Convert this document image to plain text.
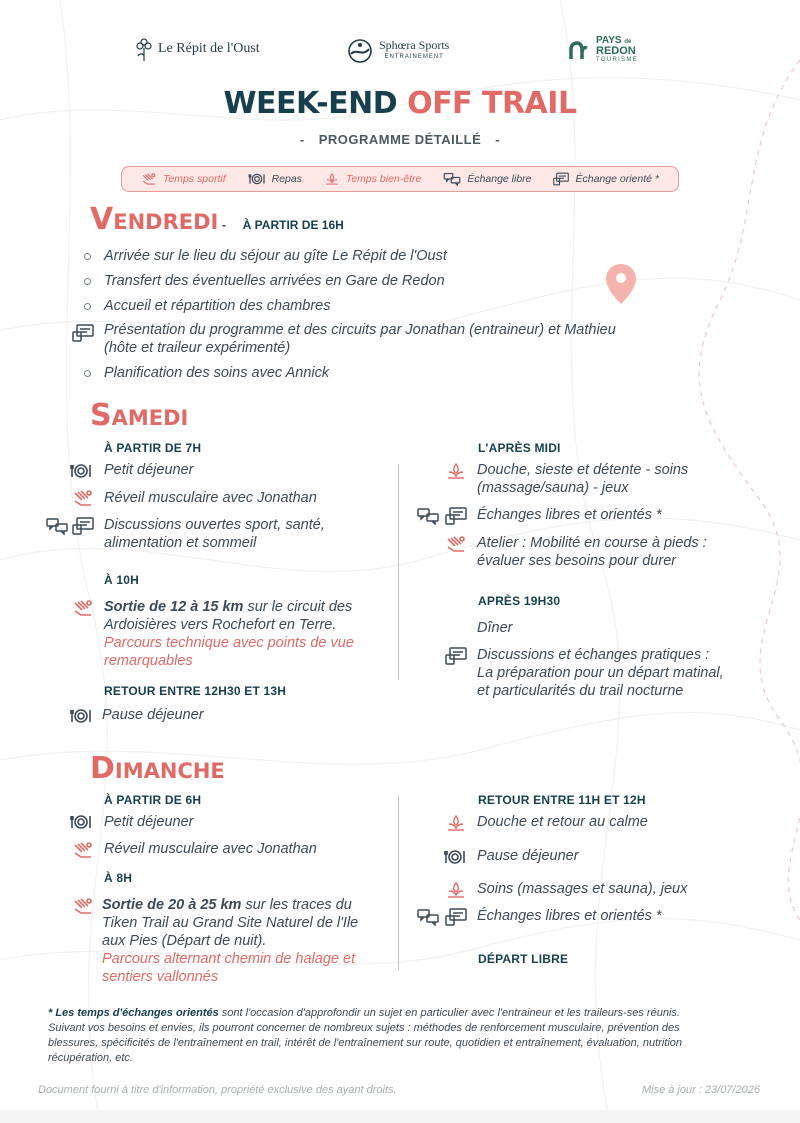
Le Répit de l'Oust	Sphœra Sports
ENTRAINEMENT
PAYS de
REDON
TOURISME
WEEK-END OFF TRAIL
- PROGRAMME DÉTAILLÉ -
Temps sportif	Repas	Temps bien-être	Échange libre	Échange orienté *
VENDREDI - À PARTIR DE 16H
Arrivée sur le lieu du séjour au gîte Le Répit de l'Oust
Transfert des éventuelles arrivées en Gare de Redon
Accueil et répartition des chambres
Présentation du programme et des circuits par Jonathan (entraineur) et Mathieu
(hôte et traileur expérimenté)
Planification des soins avec Annick
SAMEDI
À PARTIR DE 7H
Petit déjeuner
Réveil musculaire avec Jonathan
Discussions ouvertes sport, santé,
alimentation et sommeil
À 10H
Sortie de 12 à 15 km sur le circuit des
Ardoisières vers Rochefort en Terre.
Parcours technique avec points de vue
remarquables
RETOUR ENTRE 12H30 ET 13H
Pause déjeuner
L'APRÈS MIDI
Douche, sieste et détente - soins
(massage/sauna) - jeux
Échanges libres et orientés *
Atelier : Mobilité en course à pieds :
évaluer ses besoins pour durer
APRÈS 19H30
Dîner
Discussions et échanges pratiques :
La préparation pour un départ matinal,
et particularités du trail nocturne
DIMANCHE
À PARTIR DE 6H
Petit déjeuner
Réveil musculaire avec Jonathan
À 8H
Sortie de 20 à 25 km sur les traces du
Tiken Trail au Grand Site Naturel de l'Ile
aux Pies (Départ de nuit).
Parcours alternant chemin de halage et
sentiers vallonnés
RETOUR ENTRE 11H ET 12H
Douche et retour au calme
Pause déjeuner
Soins (massages et sauna), jeux
Échanges libres et orientés *
DÉPART LIBRE
* Les temps d'échanges orientés sont l'occasion d'approfondir un sujet en particulier avec l'entraineur et les traileurs-ses réunis.
Suivant vos besoins et envies, ils pourront concerner de nombreux sujets : méthodes de renforcement musculaire, prévention des
blessures, spécificités de l'entraînement en trail, intérêt de l'entraînement sur route, quotidien et entraînement, évaluation, nutrition
récupération, etc.
Document fourni à titre d'information, propriété exclusive des ayant droits.	Mise à jour : 23/07/2026
